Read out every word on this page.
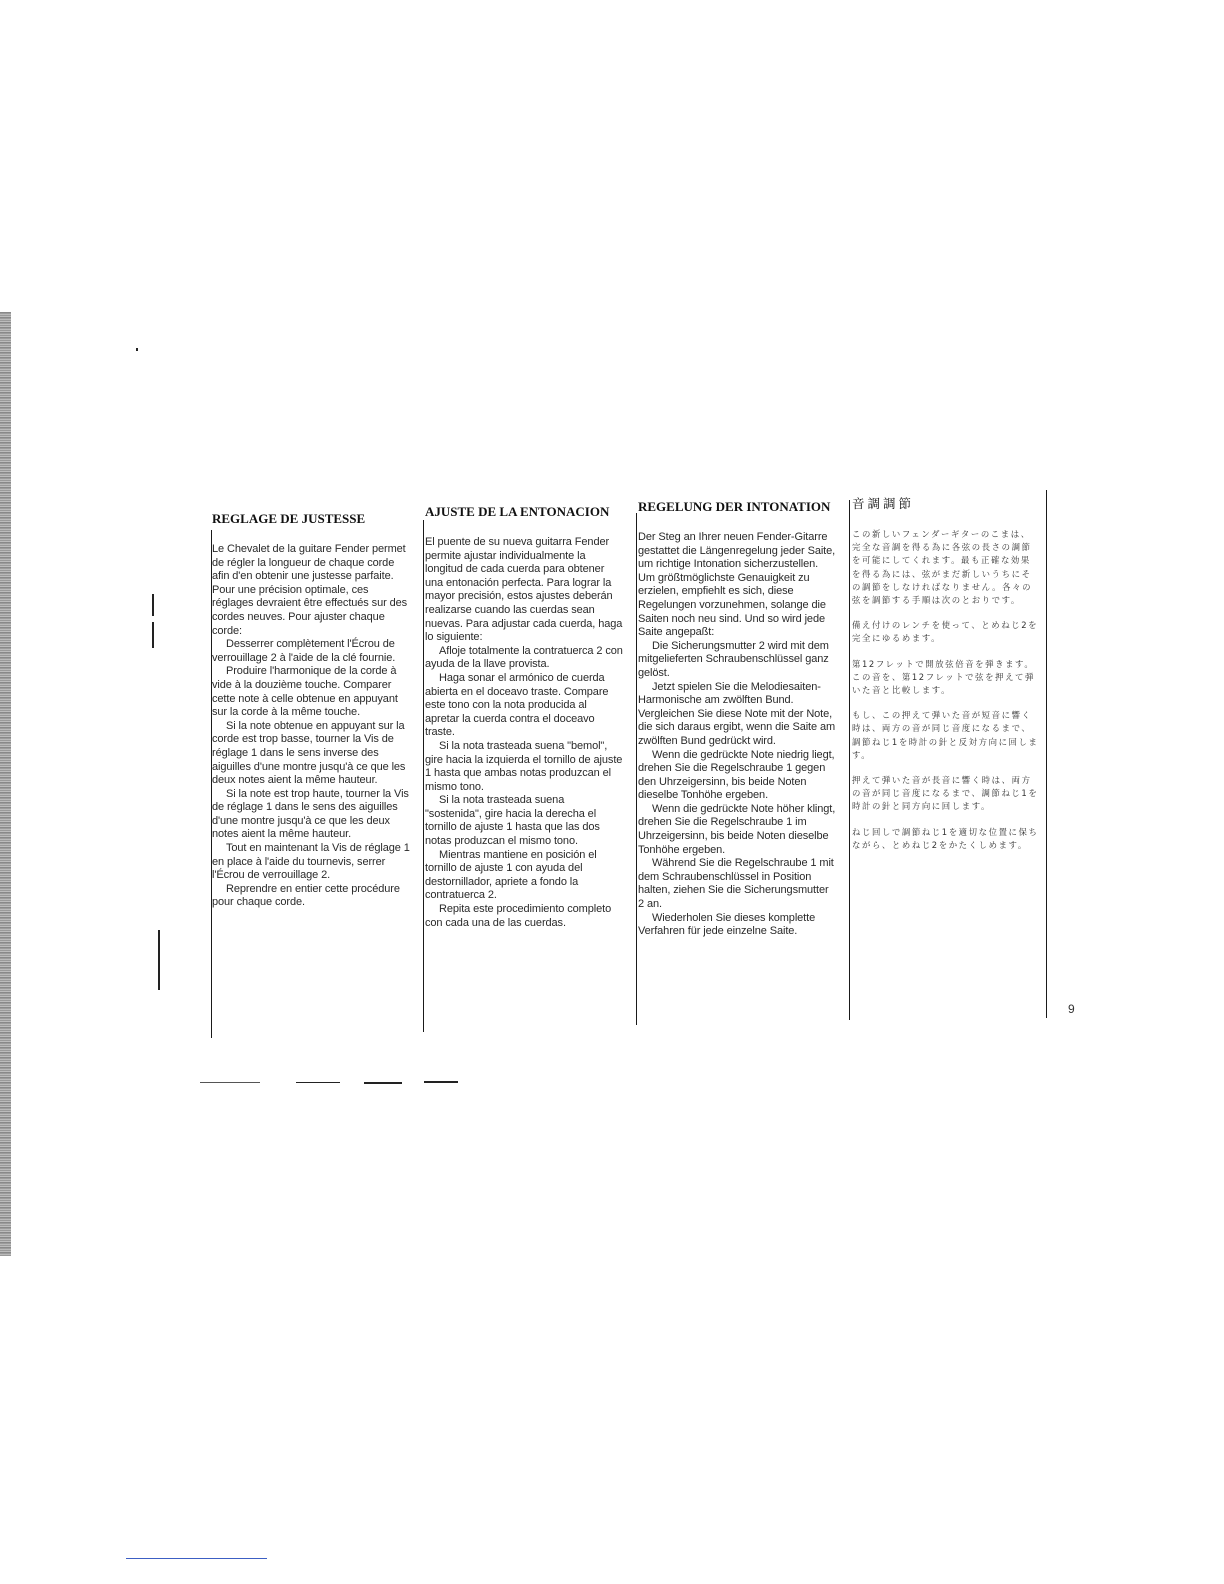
REGLAGE DE JUSTESSE

Le Chevalet de la guitare Fender permet de régler la longueur de chaque corde afin d'en obtenir une justesse parfaite. Pour une précision optimale, ces réglages devraient être effectués sur des cordes neuves. Pour ajuster chaque corde:

Desserrer complètement l'Écrou de verrouillage 2 à l'aide de la clé fournie.

Produire l'harmonique de la corde à vide à la douzième touche. Comparer cette note à celle obtenue en appuyant sur la corde à la même touche.

Si la note obtenue en appuyant sur la corde est trop basse, tourner la Vis de réglage 1 dans le sens inverse des aiguilles d'une montre jusqu'à ce que les deux notes aient la même hauteur.

Si la note est trop haute, tourner la Vis de réglage 1 dans le sens des aiguilles d'une montre jusqu'à ce que les deux notes aient la même hauteur.

Tout en maintenant la Vis de réglage 1 en place à l'aide du tournevis, serrer l'Écrou de verrouillage 2.

Reprendre en entier cette procédure pour chaque corde.

AJUSTE DE LA ENTONACION

El puente de su nueva guitarra Fender permite ajustar individualmente la longitud de cada cuerda para obtener una entonación perfecta. Para lograr la mayor precisión, estos ajustes deberán realizarse cuando las cuerdas sean nuevas. Para adjustar cada cuerda, haga lo siguiente:

Afloje totalmente la contratuerca 2 con ayuda de la llave provista.

Haga sonar el armónico de cuerda abierta en el doceavo traste. Compare este tono con la nota producida al apretar la cuerda contra el doceavo traste.

Si la nota trasteada suena "bemol", gire hacia la izquierda el tornillo de ajuste 1 hasta que ambas notas produzcan el mismo tono.

Si la nota trasteada suena "sostenida", gire hacia la derecha el tornillo de ajuste 1 hasta que las dos notas produzcan el mismo tono.

Mientras mantiene en posición el tornillo de ajuste 1 con ayuda del destornillador, apriete a fondo la contratuerca 2.

Repita este procedimiento completo con cada una de las cuerdas.

REGELUNG DER INTONATION

Der Steg an Ihrer neuen Fender-Gitarre gestattet die Längenregelung jeder Saite, um richtige Intonation sicherzustellen. Um größtmöglichste Genauigkeit zu erzielen, empfiehlt es sich, diese Regelungen vorzunehmen, solange die Saiten noch neu sind. Und so wird jede Saite angepaßt:

Die Sicherungsmutter 2 wird mit dem mitgelieferten Schraubenschlüssel ganz gelöst.

Jetzt spielen Sie die Melodiesaiten-Harmonische am zwölften Bund. Vergleichen Sie diese Note mit der Note, die sich daraus ergibt, wenn die Saite am zwölften Bund gedrückt wird.

Wenn die gedrückte Note niedrig liegt, drehen Sie die Regelschraube 1 gegen den Uhrzeigersinn, bis beide Noten dieselbe Tonhöhe ergeben.

Wenn die gedrückte Note höher klingt, drehen Sie die Regelschraube 1 im Uhrzeigersinn, bis beide Noten dieselbe Tonhöhe ergeben.

Während Sie die Regelschraube 1 mit dem Schraubenschlüssel in Position halten, ziehen Sie die Sicherungsmutter 2 an.

Wiederholen Sie dieses komplette Verfahren für jede einzelne Saite.

音調調節

この新しいフェンダーギターのこまは、完全な音調を得る為に各弦の長さの調節を可能にしてくれます。最も正確な効果を得る為には、弦がまだ新しいうちにその調節をしなければなりません。各々の弦を調節する手順は次のとおりです。

備え付けのレンチを使って、とめねじ2を完全にゆるめます。

第12フレットで開放弦倍音を弾きます。この音を、第12フレットで弦を押えて弾いた音と比較します。

もし、この押えて弾いた音が短音に響く時は、両方の音が同じ音度になるまで、調節ねじ1を時計の針と反対方向に回します。

押えて弾いた音が長音に響く時は、両方の音が同じ音度になるまで、調節ねじ1を時計の針と同方向に回します。

ねじ回しで調節ねじ1を適切な位置に保ちながら、とめねじ2をかたくしめます。

9
